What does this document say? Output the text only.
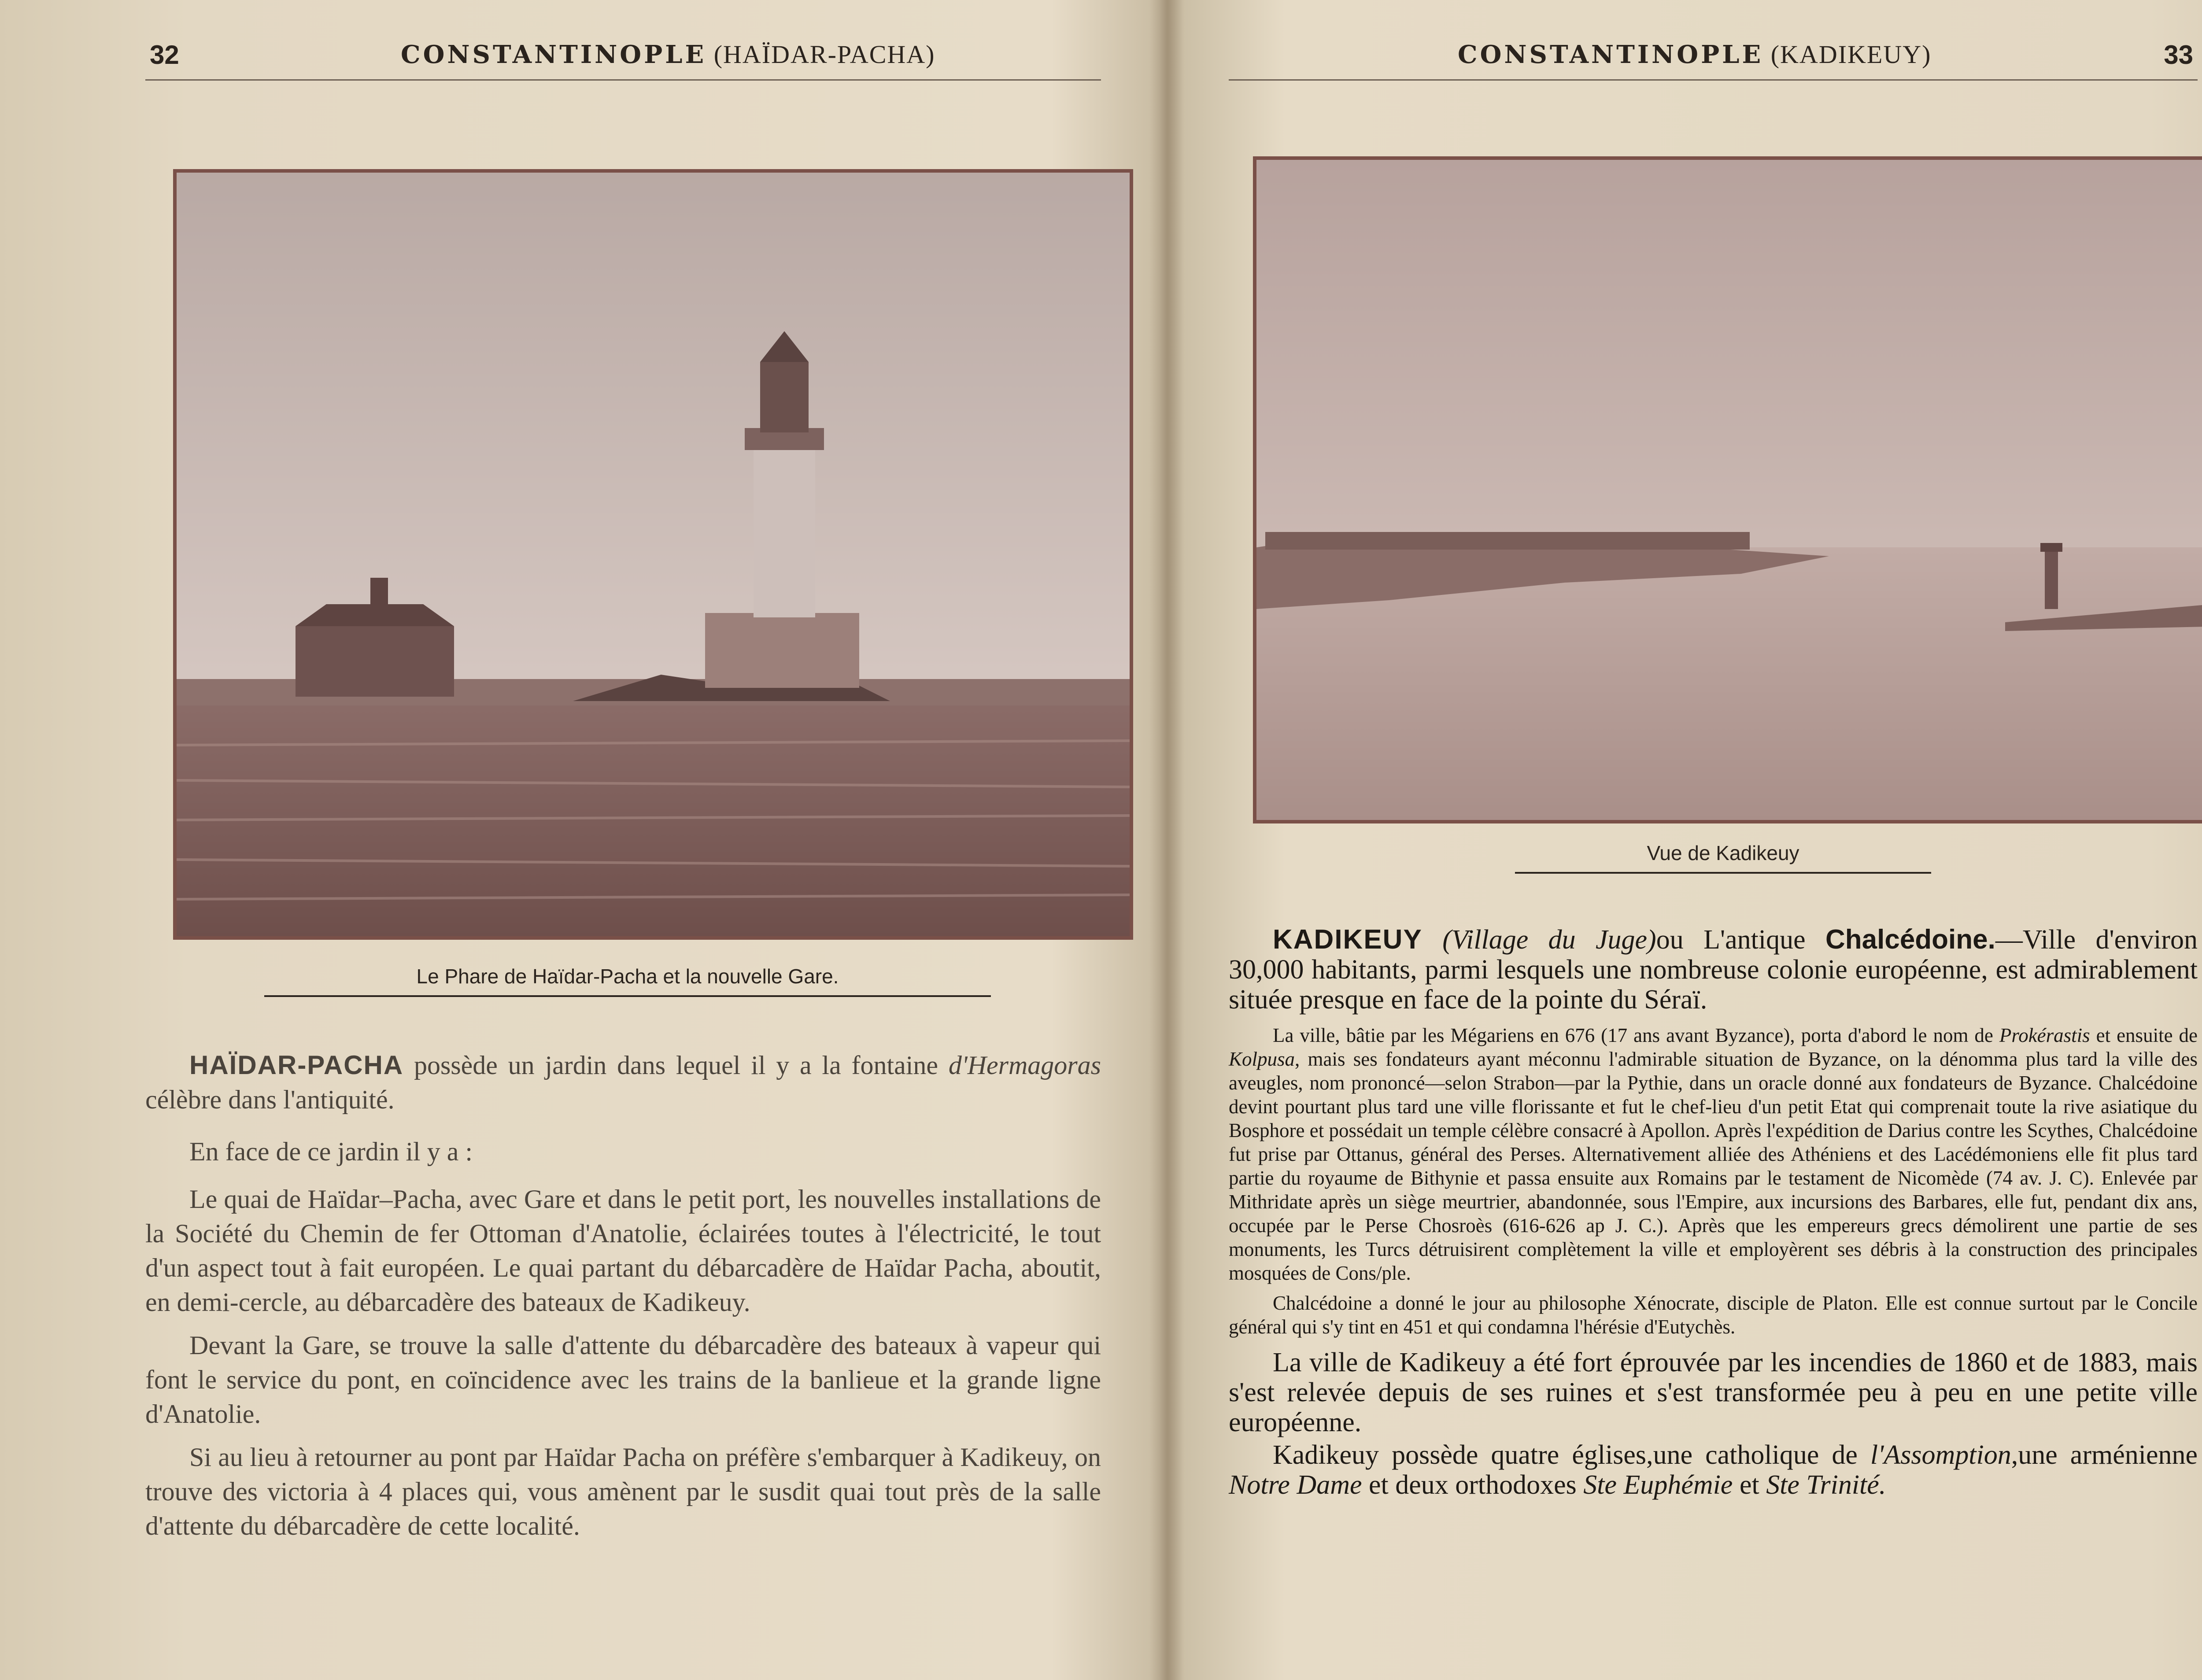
32	CONSTANTINOPLE (HAÏDAR-PACHA)
Le Phare de Haïdar-Pacha et la nouvelle Gare.

HAÏDAR-PACHA possède un jardin dans lequel il y a la fontaine d'Hermagoras célèbre dans l'antiquité.

En face de ce jardin il y a :

Le quai de Haïdar–Pacha, avec Gare et dans le petit port, les nouvelles installations de la Société du Chemin de fer Ottoman d'Anatolie, éclairées toutes à l'électricité, le tout d'un aspect tout à fait européen. Le quai partant du débarcadère de Haïdar Pacha, aboutit, en demi-cercle, au débarcadère des bateaux de Kadikeuy.

Devant la Gare, se trouve la salle d'attente du débarcadère des bateaux à vapeur qui font le service du pont, en coïncidence avec les trains de la banlieue et la grande ligne d'Anatolie.

Si au lieu à retourner au pont par Haïdar Pacha on préfère s'embarquer à Kadikeuy, on trouve des victoria à 4 places qui, vous amènent par le susdit quai tout près de la salle d'attente du débarcadère de cette localité.

CONSTANTINOPLE (KADIKEUY)	33
Vue de Kadikeuy

KADIKEUY (Village du Juge)ou L'antique Chalcédoine.—Ville d'environ 30,000 habitants, parmi lesquels une nombreuse colonie européenne, est admirablement située presque en face de la pointe du Séraï.

La ville, bâtie par les Mégariens en 676 (17 ans avant Byzance), porta d'abord le nom de Prokérastis et ensuite de Kolpusa, mais ses fondateurs ayant méconnu l'admirable situation de Byzance, on la dénomma plus tard la ville des aveugles, nom prononcé—selon Strabon—par la Pythie, dans un oracle donné aux fondateurs de Byzance. Chalcédoine devint pourtant plus tard une ville florissante et fut le chef-lieu d'un petit Etat qui comprenait toute la rive asiatique du Bosphore et possédait un temple célèbre consacré à Apollon. Après l'expédition de Darius contre les Scythes, Chalcédoine fut prise par Ottanus, général des Perses. Alternativement alliée des Athéniens et des Lacédémoniens elle fit plus tard partie du royaume de Bithynie et passa ensuite aux Romains par le testament de Nicomède (74 av. J. C). Enlevée par Mithridate après un siège meurtrier, abandonnée, sous l'Empire, aux incursions des Barbares, elle fut, pendant dix ans, occupée par le Perse Chosroès (616-626 ap J. C.). Après que les empereurs grecs démolirent une partie de ses monuments, les Turcs détruisirent complètement la ville et employèrent ses débris à la construction des principales mosquées de Cons/ple.

Chalcédoine a donné le jour au philosophe Xénocrate, disciple de Platon. Elle est connue surtout par le Concile général qui s'y tint en 451 et qui condamna l'hérésie d'Eutychès.

La ville de Kadikeuy a été fort éprouvée par les incendies de 1860 et de 1883, mais s'est relevée depuis de ses ruines et s'est transformée peu à peu en une petite ville européenne.

Kadikeuy possède quatre églises,une catholique de l'Assomption,une arménienne Notre Dame et deux orthodoxes Ste Euphémie et Ste Trinité.
